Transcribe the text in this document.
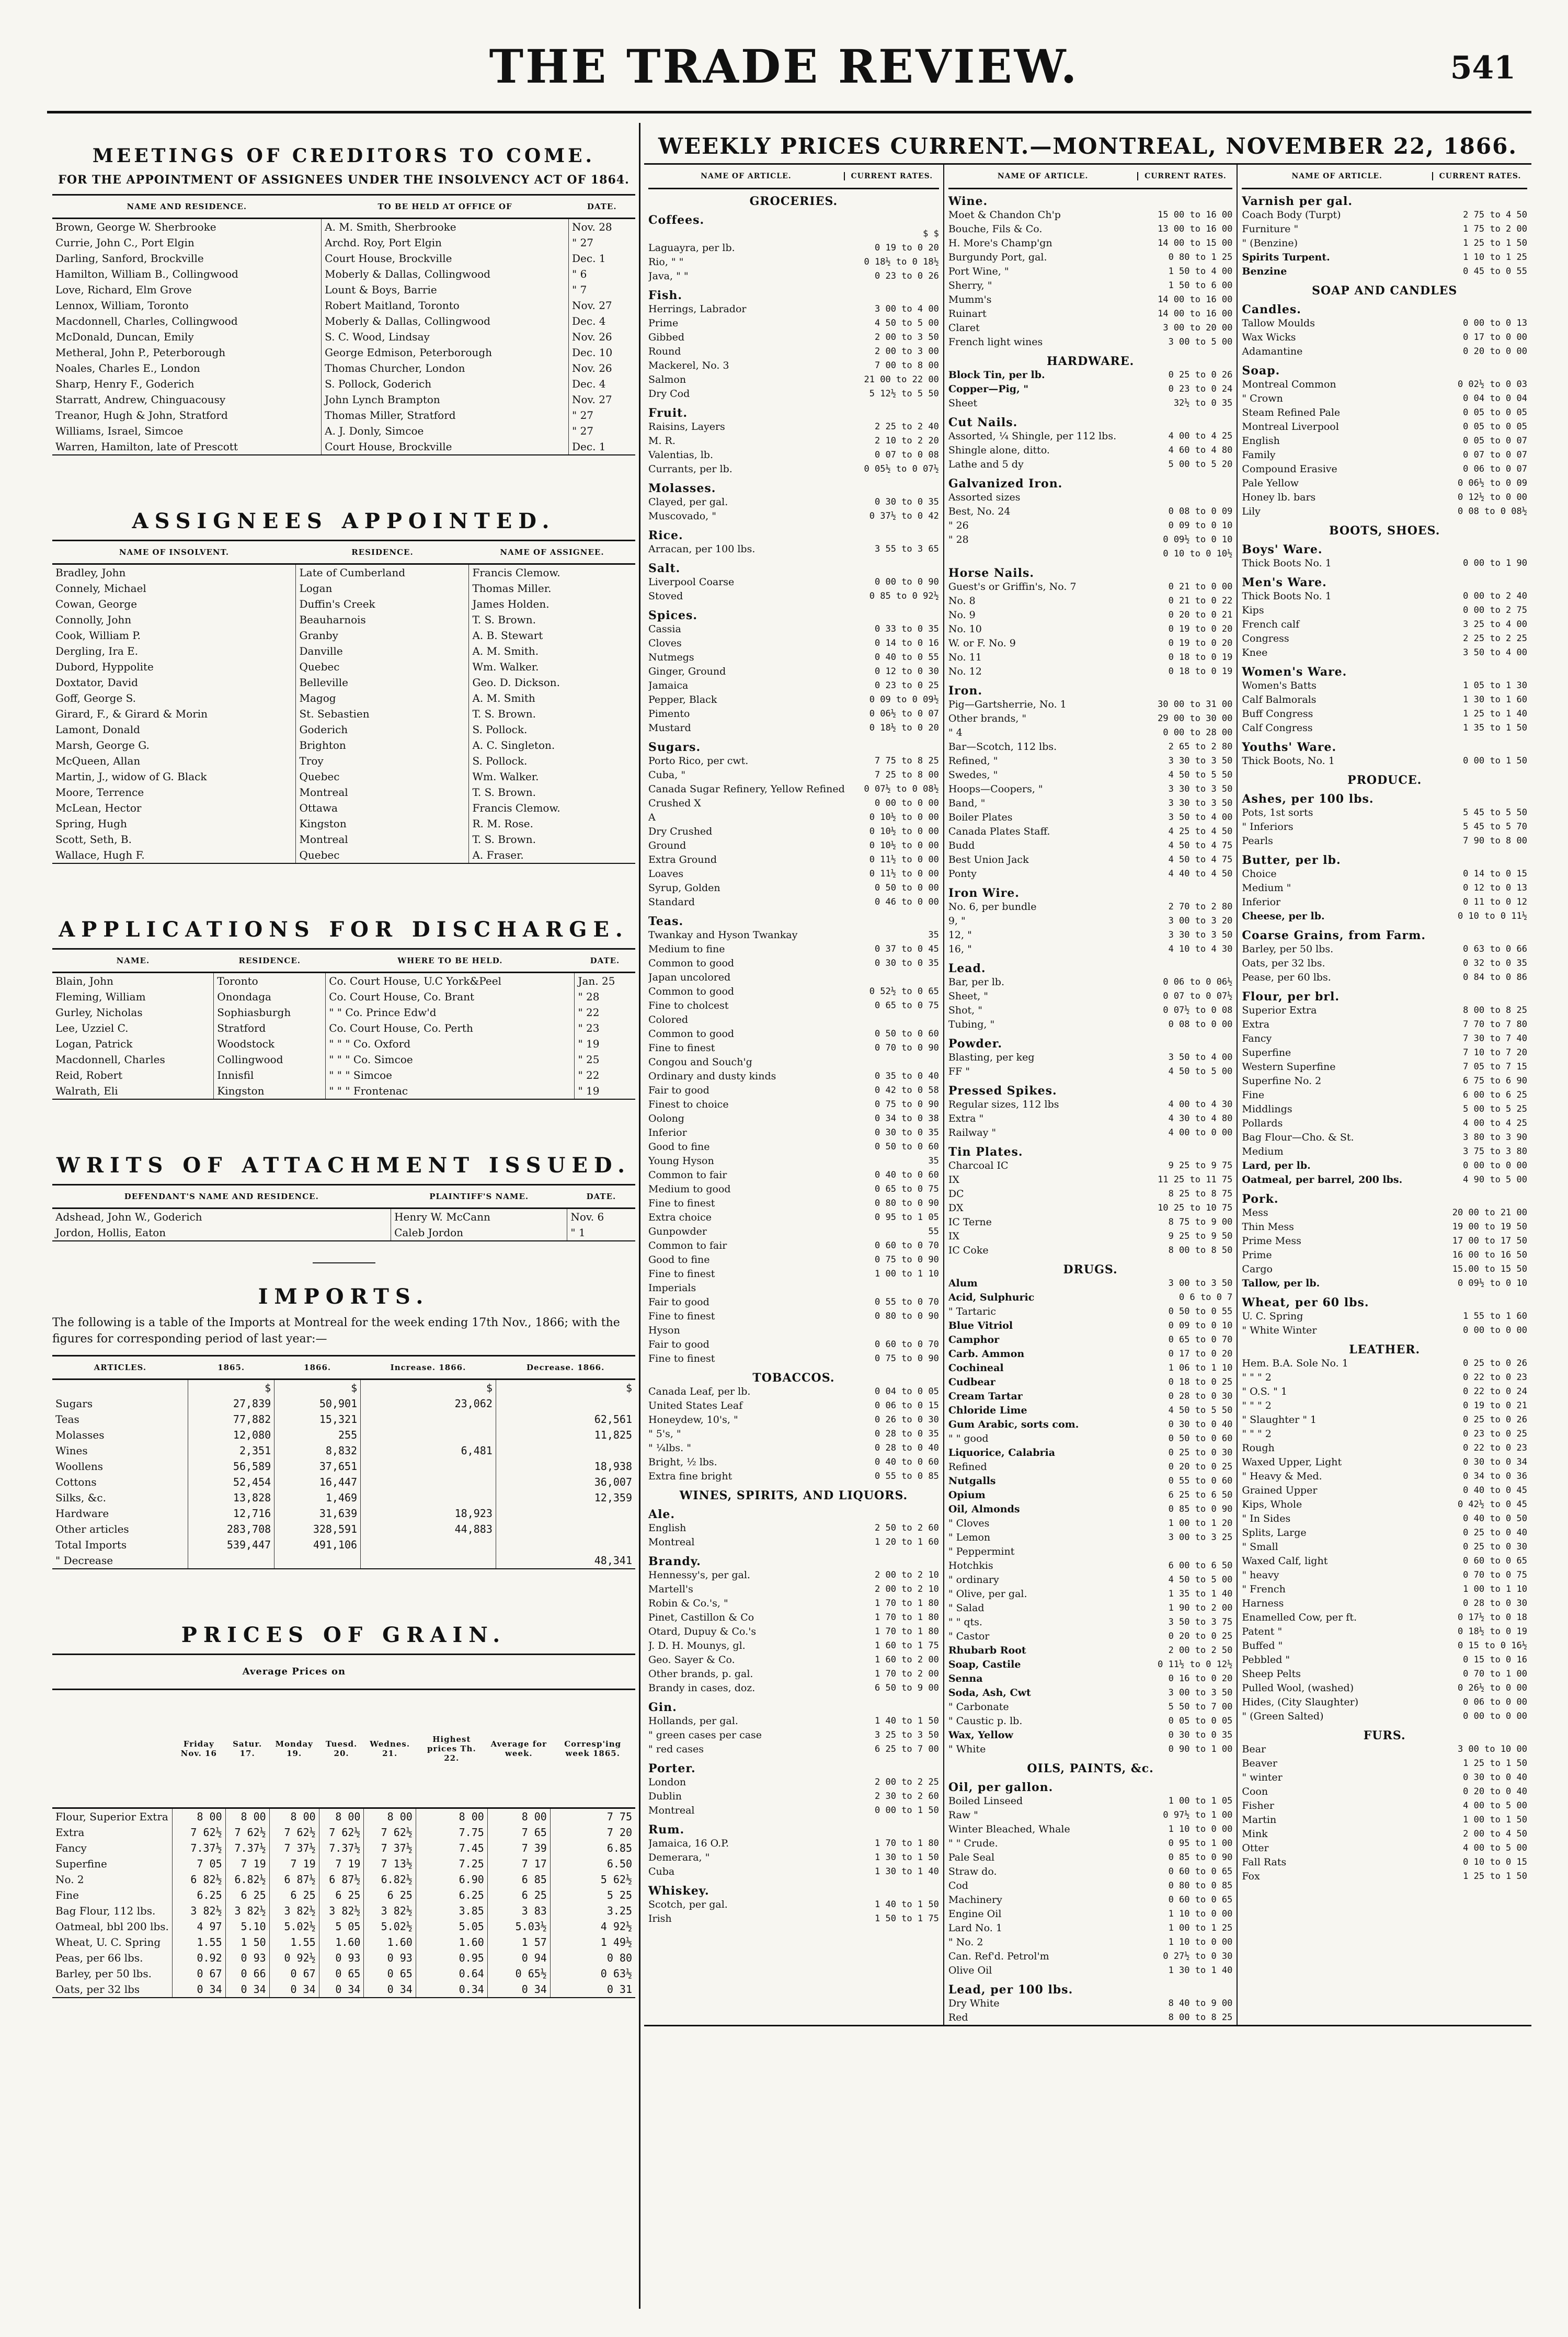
THE TRADE REVIEW.	541
MEETINGS OF CREDITORS TO COME.
FOR THE APPOINTMENT OF ASSIGNEES UNDER THE INSOLVENCY ACT OF 1864.
NAME AND RESIDENCE.	TO BE HELD AT OFFICE OF	DATE.
Brown, George W. Sherbrooke	A. M. Smith, Sherbrooke	Nov. 28
Currie, John C., Port Elgin	Archd. Roy, Port Elgin	" 27
Darling, Sanford, Brockville	Court House, Brockville	Dec. 1
Hamilton, William B., Collingwood	Moberly & Dallas, Collingwood	" 6
Love, Richard, Elm Grove	Lount & Boys, Barrie	" 7
Lennox, William, Toronto	Robert Maitland, Toronto	Nov. 27
Macdonnell, Charles, Collingwood	Moberly & Dallas, Collingwood	Dec. 4
McDonald, Duncan, Emily	S. C. Wood, Lindsay	Nov. 26
Metheral, John P., Peterborough	George Edmison, Peterborough	Dec. 10
Noales, Charles E., London	Thomas Churcher, London	Nov. 26
Sharp, Henry F., Goderich	S. Pollock, Goderich	Dec. 4
Starratt, Andrew, Chinguacousy	John Lynch Brampton	Nov. 27
Treanor, Hugh & John, Stratford	Thomas Miller, Stratford	" 27
Williams, Israel, Simcoe	A. J. Donly, Simcoe	" 27
Warren, Hamilton, late of Prescott	Court House, Brockville	Dec. 1
ASSIGNEES APPOINTED.
NAME OF INSOLVENT.	RESIDENCE.	NAME OF ASSIGNEE.
Bradley, John	Late of Cumberland	Francis Clemow.
Connely, Michael	Logan	Thomas Miller.
Cowan, George	Duffin's Creek	James Holden.
Connolly, John	Beauharnois	T. S. Brown.
Cook, William P.	Granby	A. B. Stewart
Dergling, Ira E.	Danville	A. M. Smith.
Dubord, Hyppolite	Quebec	Wm. Walker.
Doxtator, David	Belleville	Geo. D. Dickson.
Goff, George S.	Magog	A. M. Smith
Girard, F., & Girard & Morin	St. Sebastien	T. S. Brown.
Lamont, Donald	Goderich	S. Pollock.
Marsh, George G.	Brighton	A. C. Singleton.
McQueen, Allan	Troy	S. Pollock.
Martin, J., widow of G. Black	Quebec	Wm. Walker.
Moore, Terrence	Montreal	T. S. Brown.
McLean, Hector	Ottawa	Francis Clemow.
Spring, Hugh	Kingston	R. M. Rose.
Scott, Seth, B.	Montreal	T. S. Brown.
Wallace, Hugh F.	Quebec	A. Fraser.
APPLICATIONS FOR DISCHARGE.
NAME.	RESIDENCE.	WHERE TO BE HELD.	DATE.
Blain, John	Toronto	Co. Court House, U.C York&Peel	Jan. 25
Fleming, William	Onondaga	Co. Court House, Co. Brant	" 28
Gurley, Nicholas	Sophiasburgh	" " Co. Prince Edw'd	" 22
Lee, Uzziel C.	Stratford	Co. Court House, Co. Perth	" 23
Logan, Patrick	Woodstock	" " " Co. Oxford	" 19
Macdonnell, Charles	Collingwood	" " " Co. Simcoe	" 25
Reid, Robert	Innisfil	" " " Simcoe	" 22
Walrath, Eli	Kingston	" " " Frontenac	" 19
WRITS OF ATTACHMENT ISSUED.
DEFENDANT'S NAME AND RESIDENCE.	PLAINTIFF'S NAME.	DATE.
Adshead, John W., Goderich	Henry W. McCann	Nov. 6
Jordon, Hollis, Eaton	Caleb Jordon	" 1
IMPORTS.
The following is a table of the Imports at Montreal for the week ending 17th Nov., 1866; with the figures for corresponding period of last year:—
ARTICLES.	1865.	1866.	Increase. 1866.	Decrease. 1866.
	$	$	$	$
Sugars	27,839	50,901	23,062	
Teas	77,882	15,321		62,561
Molasses	12,080	255		11,825
Wines	2,351	8,832	6,481	
Woollens	56,589	37,651		18,938
Cottons	52,454	16,447		36,007
Silks, &c.	13,828	1,469		12,359
Hardware	12,716	31,639	18,923	
Other articles	283,708	328,591	44,883	
Total Imports	539,447	491,106		
" Decrease				48,341
PRICES OF GRAIN.
	Average Prices on							
	Friday Nov. 16	Satur. 17.	Monday 19.	Tuesd. 20.	Wednes. 21.	Highest prices Th. 22.	Average for week.	Corresp'ing week 1865.
Flour, Superior Extra	8 00	8 00	8 00	8 00	8 00	8 00	8 00	7 75
Extra	7 62½	7 62½	7 62½	7 62½	7 62½	7.75	7 65	7 20
Fancy	7.37½	7.37½	7 37½	7.37½	7 37½	7.45	7 39	6.85
Superfine	7 05	7 19	7 19	7 19	7 13½	7.25	7 17	6.50
No. 2	6 82½	6.82½	6 87½	6 87½	6.82½	6.90	6 85	5 62½
Fine	6.25	6 25	6 25	6 25	6 25	6.25	6 25	5 25
Bag Flour, 112 lbs.	3 82½	3 82½	3 82½	3 82½	3 82½	3.85	3 83	3.25
Oatmeal, bbl 200 lbs.	4 97	5.10	5.02½	5 05	5.02½	5.05	5.03½	4 92½
Wheat, U. C. Spring	1.55	1 50	1.55	1.60	1.60	1.60	1 57	1 49½
Peas, per 66 lbs.	0.92	0 93	0 92½	0 93	0 93	0.95	0 94	0 80
Barley, per 50 lbs.	0 67	0 66	0 67	0 65	0 65	0.64	0 65½	0 63½
Oats, per 32 lbs	0 34	0 34	0 34	0 34	0 34	0.34	0 34	0 31
WEEKLY PRICES CURRENT.—MONTREAL, NOVEMBER 22, 1866.
NAME OF ARTICLE.	CURRENT RATES.
GROCERIES.
Coffees.
$ $
Laguayra, per lb.	0 19 to 0 20
Rio, " "	0 18½ to 0 18½
Java, " "	0 23 to 0 26
Fish.
Herrings, Labrador	3 00 to 4 00
Prime	4 50 to 5 00
Gibbed	2 00 to 3 50
Round	2 00 to 3 00
Mackerel, No. 3	7 00 to 8 00
Salmon	21 00 to 22 00
Dry Cod	5 12½ to 5 50
Fruit.
Raisins, Layers	2 25 to 2 40
M. R.	2 10 to 2 20
Valentias, lb.	0 07 to 0 08
Currants, per lb.	0 05½ to 0 07½
Molasses.
Clayed, per gal.	0 30 to 0 35
Muscovado, "	0 37½ to 0 42
Rice.
Arracan, per 100 lbs.	3 55 to 3 65
Salt.
Liverpool Coarse	0 00 to 0 90
Stoved	0 85 to 0 92½
Spices.
Cassia	0 33 to 0 35
Cloves	0 14 to 0 16
Nutmegs	0 40 to 0 55
Ginger, Ground	0 12 to 0 30
Jamaica	0 23 to 0 25
Pepper, Black	0 09 to 0 09½
Pimento	0 06½ to 0 07
Mustard	0 18½ to 0 20
Sugars.
Porto Rico, per cwt.	7 75 to 8 25
Cuba, "	7 25 to 8 00
Canada Sugar Refinery, Yellow Refined	0 07½ to 0 08½
Crushed X	0 00 to 0 00
A	0 10½ to 0 00
Dry Crushed	0 10½ to 0 00
Ground	0 10½ to 0 00
Extra Ground	0 11½ to 0 00
Loaves	0 11½ to 0 00
Syrup, Golden	0 50 to 0 00
Standard	0 46 to 0 00
Teas.
Twankay and Hyson Twankay	35
Medium to fine	0 37 to 0 45
Common to good	0 30 to 0 35
Japan uncolored
Common to good	0 52½ to 0 65
Fine to cholcest	0 65 to 0 75
Colored
Common to good	0 50 to 0 60
Fine to finest	0 70 to 0 90
Congou and Souch'g
Ordinary and dusty kinds	0 35 to 0 40
Fair to good	0 42 to 0 58
Finest to choice	0 75 to 0 90
Oolong	0 34 to 0 38
Inferior	0 30 to 0 35
Good to fine	0 50 to 0 60
Young Hyson	35
Common to fair	0 40 to 0 60
Medium to good	0 65 to 0 75
Fine to finest	0 80 to 0 90
Extra choice	0 95 to 1 05
Gunpowder	55
Common to fair	0 60 to 0 70
Good to fine	0 75 to 0 90
Fine to finest	1 00 to 1 10
Imperials
Fair to good	0 55 to 0 70
Fine to finest	0 80 to 0 90
Hyson
Fair to good	0 60 to 0 70
Fine to finest	0 75 to 0 90
TOBACCOS.
Canada Leaf, per lb.	0 04 to 0 05
United States Leaf	0 06 to 0 15
Honeydew, 10's, "	0 26 to 0 30
" 5's, "	0 28 to 0 35
" ¼lbs. "	0 28 to 0 40
Bright, ½ lbs.	0 40 to 0 60
Extra fine bright	0 55 to 0 85
WINES, SPIRITS, AND LIQUORS.
Ale.
English	2 50 to 2 60
Montreal	1 20 to 1 60
Brandy.
Hennessy's, per gal.	2 00 to 2 10
Martell's	2 00 to 2 10
Robin & Co.'s, "	1 70 to 1 80
Pinet, Castillon & Co	1 70 to 1 80
Otard, Dupuy & Co.'s	1 70 to 1 80
J. D. H. Mounys, gl.	1 60 to 1 75
Geo. Sayer & Co.	1 60 to 2 00
Other brands, p. gal.	1 70 to 2 00
Brandy in cases, doz.	6 50 to 9 00
Gin.
Hollands, per gal.	1 40 to 1 50
" green cases per case	3 25 to 3 50
" red cases	6 25 to 7 00
Porter.
London	2 00 to 2 25
Dublin	2 30 to 2 60
Montreal	0 00 to 1 50
Rum.
Jamaica, 16 O.P.	1 70 to 1 80
Demerara, "	1 30 to 1 50
Cuba	1 30 to 1 40
Whiskey.
Scotch, per gal.	1 40 to 1 50
Irish	1 50 to 1 75
NAME OF ARTICLE.	CURRENT RATES.
Wine.
Moet & Chandon Ch'p	15 00 to 16 00
Bouche, Fils & Co.	13 00 to 16 00
H. More's Champ'gn	14 00 to 15 00
Burgundy Port, gal.	0 80 to 1 25
Port Wine, "	1 50 to 4 00
Sherry, "	1 50 to 6 00
Mumm's	14 00 to 16 00
Ruinart	14 00 to 16 00
Claret	3 00 to 20 00
French light wines	3 00 to 5 00
HARDWARE.
Block Tin, per lb.	0 25 to 0 26
Copper—Pig, "	0 23 to 0 24
Sheet	32½ to 0 35
Cut Nails.
Assorted, ¼ Shingle, per 112 lbs.	4 00 to 4 25
Shingle alone, ditto.	4 60 to 4 80
Lathe and 5 dy	5 00 to 5 20
Galvanized Iron.
Assorted sizes
Best, No. 24	0 08 to 0 09
" 26	0 09 to 0 10
" 28	0 09½ to 0 10
0 10 to 0 10½
Horse Nails.
Guest's or Griffin's, No. 7	0 21 to 0 00
No. 8	0 21 to 0 22
No. 9	0 20 to 0 21
No. 10	0 19 to 0 20
W. or F. No. 9	0 19 to 0 20
No. 11	0 18 to 0 19
No. 12	0 18 to 0 19
Iron.
Pig—Gartsherrie, No. 1	30 00 to 31 00
Other brands, "	29 00 to 30 00
" 4	0 00 to 28 00
Bar—Scotch, 112 lbs.	2 65 to 2 80
Refined, "	3 30 to 3 50
Swedes, "	4 50 to 5 50
Hoops—Coopers, "	3 30 to 3 50
Band, "	3 30 to 3 50
Boiler Plates	3 50 to 4 00
Canada Plates Staff.	4 25 to 4 50
Budd	4 50 to 4 75
Best Union Jack	4 50 to 4 75
Ponty	4 40 to 4 50
Iron Wire.
No. 6, per bundle	2 70 to 2 80
9, "	3 00 to 3 20
12, "	3 30 to 3 50
16, "	4 10 to 4 30
Lead.
Bar, per lb.	0 06 to 0 06½
Sheet, "	0 07 to 0 07½
Shot, "	0 07½ to 0 08
Tubing, "	0 08 to 0 00
Powder.
Blasting, per keg	3 50 to 4 00
FF "	4 50 to 5 00
Pressed Spikes.
Regular sizes, 112 lbs	4 00 to 4 30
Extra "	4 30 to 4 80
Railway "	4 00 to 0 00
Tin Plates.
Charcoal IC	9 25 to 9 75
IX	11 25 to 11 75
DC	8 25 to 8 75
DX	10 25 to 10 75
IC Terne	8 75 to 9 00
IX	9 25 to 9 50
IC Coke	8 00 to 8 50
DRUGS.
Alum	3 00 to 3 50
Acid, Sulphuric	0 6 to 0 7
" Tartaric	0 50 to 0 55
Blue Vitriol	0 09 to 0 10
Camphor	0 65 to 0 70
Carb. Ammon	0 17 to 0 20
Cochineal	1 06 to 1 10
Cudbear	0 18 to 0 25
Cream Tartar	0 28 to 0 30
Chloride Lime	4 50 to 5 50
Gum Arabic, sorts com.	0 30 to 0 40
" " good	0 50 to 0 60
Liquorice, Calabria	0 25 to 0 30
Refined	0 20 to 0 25
Nutgalls	0 55 to 0 60
Opium	6 25 to 6 50
Oil, Almonds	0 85 to 0 90
" Cloves	1 00 to 1 20
" Lemon	3 00 to 3 25
" Peppermint
Hotchkis	6 00 to 6 50
" ordinary	4 50 to 5 00
" Olive, per gal.	1 35 to 1 40
" Salad	1 90 to 2 00
" " qts.	3 50 to 3 75
" Castor	0 20 to 0 25
Rhubarb Root	2 00 to 2 50
Soap, Castile	0 11½ to 0 12½
Senna	0 16 to 0 20
Soda, Ash, Cwt	3 00 to 3 50
" Carbonate	5 50 to 7 00
" Caustic p. lb.	0 05 to 0 05
Wax, Yellow	0 30 to 0 35
" White	0 90 to 1 00
OILS, PAINTS, &c.
Oil, per gallon.
Boiled Linseed	1 00 to 1 05
Raw "	0 97½ to 1 00
Winter Bleached, Whale	1 10 to 0 00
" " Crude.	0 95 to 1 00
Pale Seal	0 85 to 0 90
Straw do.	0 60 to 0 65
Cod	0 80 to 0 85
Machinery	0 60 to 0 65
Engine Oil	1 10 to 0 00
Lard No. 1	1 00 to 1 25
" No. 2	1 10 to 0 00
Can. Ref'd. Petrol'm	0 27½ to 0 30
Olive Oil	1 30 to 1 40
Lead, per 100 lbs.
Dry White	8 40 to 9 00
Red	8 00 to 8 25
NAME OF ARTICLE.	CURRENT RATES.
Varnish per gal.
Coach Body (Turpt)	2 75 to 4 50
Furniture "	1 75 to 2 00
" (Benzine)	1 25 to 1 50
Spirits Turpent.	1 10 to 1 25
Benzine	0 45 to 0 55
SOAP AND CANDLES
Candles.
Tallow Moulds	0 00 to 0 13
Wax Wicks	0 17 to 0 00
Adamantine	0 20 to 0 00
Soap.
Montreal Common	0 02½ to 0 03
" Crown	0 04 to 0 04
Steam Refined Pale	0 05 to 0 05
Montreal Liverpool	0 05 to 0 05
English	0 05 to 0 07
Family	0 07 to 0 07
Compound Erasive	0 06 to 0 07
Pale Yellow	0 06½ to 0 09
Honey lb. bars	0 12½ to 0 00
Lily	0 08 to 0 08½
BOOTS, SHOES.
Boys' Ware.
Thick Boots No. 1	0 00 to 1 90
Men's Ware.
Thick Boots No. 1	0 00 to 2 40
Kips	0 00 to 2 75
French calf	3 25 to 4 00
Congress	2 25 to 2 25
Knee	3 50 to 4 00
Women's Ware.
Women's Batts	1 05 to 1 30
Calf Balmorals	1 30 to 1 60
Buff Congress	1 25 to 1 40
Calf Congress	1 35 to 1 50
Youths' Ware.
Thick Boots, No. 1	0 00 to 1 50
PRODUCE.
Ashes, per 100 lbs.
Pots, 1st sorts	5 45 to 5 50
" Inferiors	5 45 to 5 70
Pearls	7 90 to 8 00
Butter, per lb.
Choice	0 14 to 0 15
Medium "	0 12 to 0 13
Inferior	0 11 to 0 12
Cheese, per lb.	0 10 to 0 11½
Coarse Grains, from Farm.
Barley, per 50 lbs.	0 63 to 0 66
Oats, per 32 lbs.	0 32 to 0 35
Pease, per 60 lbs.	0 84 to 0 86
Flour, per brl.
Superior Extra	8 00 to 8 25
Extra	7 70 to 7 80
Fancy	7 30 to 7 40
Superfine	7 10 to 7 20
Western Superfine	7 05 to 7 15
Superfine No. 2	6 75 to 6 90
Fine	6 00 to 6 25
Middlings	5 00 to 5 25
Pollards	4 00 to 4 25
Bag Flour—Cho. & St.	3 80 to 3 90
Medium	3 75 to 3 80
Lard, per lb.	0 00 to 0 00
Oatmeal, per barrel, 200 lbs.	4 90 to 5 00
Pork.
Mess	20 00 to 21 00
Thin Mess	19 00 to 19 50
Prime Mess	17 00 to 17 50
Prime	16 00 to 16 50
Cargo	15.00 to 15 50
Tallow, per lb.	0 09½ to 0 10
Wheat, per 60 lbs.
U. C. Spring	1 55 to 1 60
" White Winter	0 00 to 0 00
LEATHER.
Hem. B.A. Sole No. 1	0 25 to 0 26
" " " 2	0 22 to 0 23
" O.S. " 1	0 22 to 0 24
" " " 2	0 19 to 0 21
" Slaughter " 1	0 25 to 0 26
" " " 2	0 23 to 0 25
Rough	0 22 to 0 23
Waxed Upper, Light	0 30 to 0 34
" Heavy & Med.	0 34 to 0 36
Grained Upper	0 40 to 0 45
Kips, Whole	0 42½ to 0 45
" In Sides	0 40 to 0 50
Splits, Large	0 25 to 0 40
" Small	0 25 to 0 30
Waxed Calf, light	0 60 to 0 65
" heavy	0 70 to 0 75
" French	1 00 to 1 10
Harness	0 28 to 0 30
Enamelled Cow, per ft.	0 17½ to 0 18
Patent "	0 18½ to 0 19
Buffed "	0 15 to 0 16½
Pebbled "	0 15 to 0 16
Sheep Pelts	0 70 to 1 00
Pulled Wool, (washed)	0 26½ to 0 00
Hides, (City Slaughter)	0 06 to 0 00
" (Green Salted)	0 00 to 0 00
FURS.
Bear	3 00 to 10 00
Beaver	1 25 to 1 50
" winter	0 30 to 0 40
Coon	0 20 to 0 40
Fisher	4 00 to 5 00
Martin	1 00 to 1 50
Mink	2 00 to 4 50
Otter	4 00 to 5 00
Fall Rats	0 10 to 0 15
Fox	1 25 to 1 50
